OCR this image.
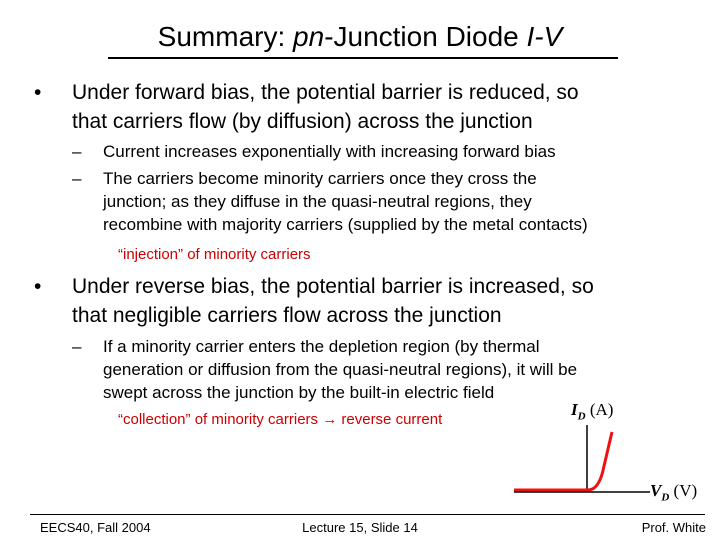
Summary: pn-Junction Diode I-V
• Under forward bias, the potential barrier is reduced, so
that carriers flow (by diffusion) across the junction
– Current increases exponentially with increasing forward bias
– The carriers become minority carriers once they cross the
junction; as they diffuse in the quasi-neutral regions, they
recombine with majority carriers (supplied by the metal contacts)
“injection” of minority carriers
• Under reverse bias, the potential barrier is increased, so
that negligible carriers flow across the junction
– If a minority carrier enters the depletion region (by thermal
generation or diffusion from the quasi-neutral regions), it will be
swept across the junction by the built-in electric field
“collection” of minority carriers → reverse current
$I_D$ (A)
$V_D$ (V)
EECS40, Fall 2004	Lecture 15, Slide 14	Prof. White
